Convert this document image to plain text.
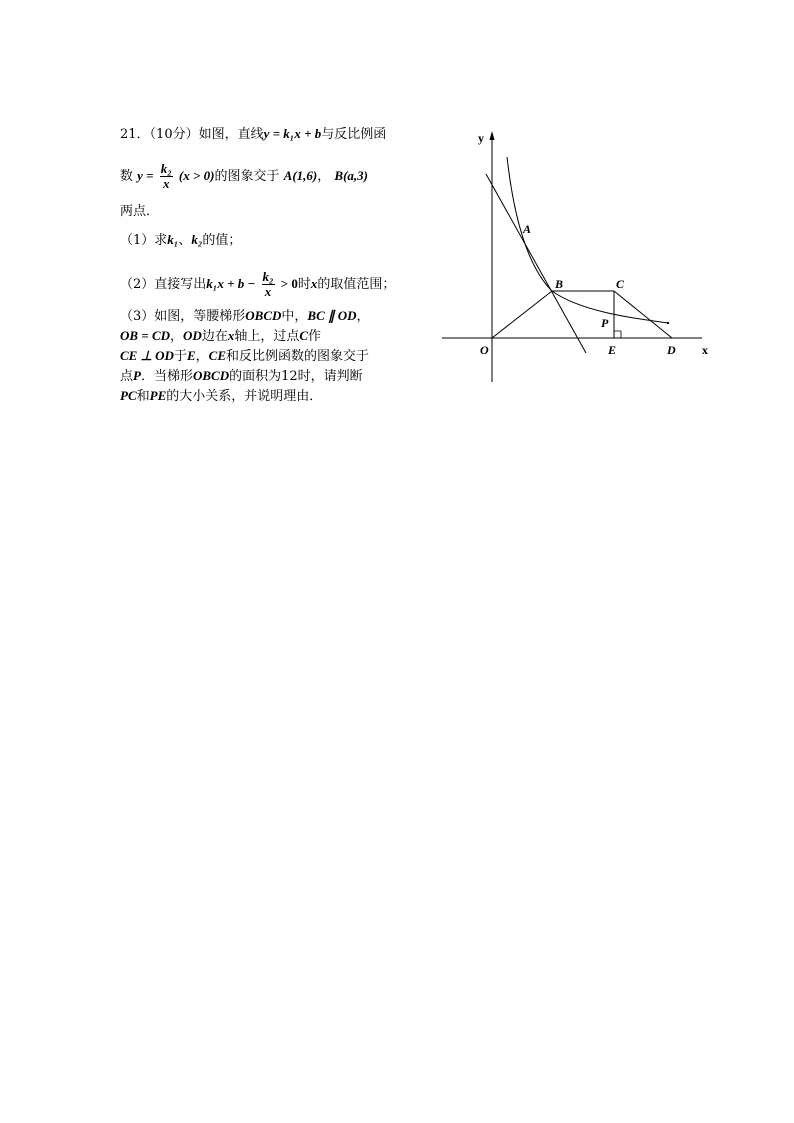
21．（10分）如图，直线y = k₁x + b与反比例函
数 $y = \frac{\text{k₂}}{x} (x > 0)$的图象交于 A(1,6)， B(a,3)
两点．
（1）求k₁、k₂的值；
（2）直接写出$k_1x + b - \frac{\text{k₂}}{x} > 0$时x的取值范围；
（3）如图，等腰梯形OBCD中，BC ∥ OD，
OB = CD，OD边在x轴上，过点C作
CE ⊥ OD于E，CE和反比例函数的图象交于
点P．当梯形OBCD的面积为12时，请判断
PC和PE的大小关系，并说明理由．
y
x
O
A
B	C
P
E	D
